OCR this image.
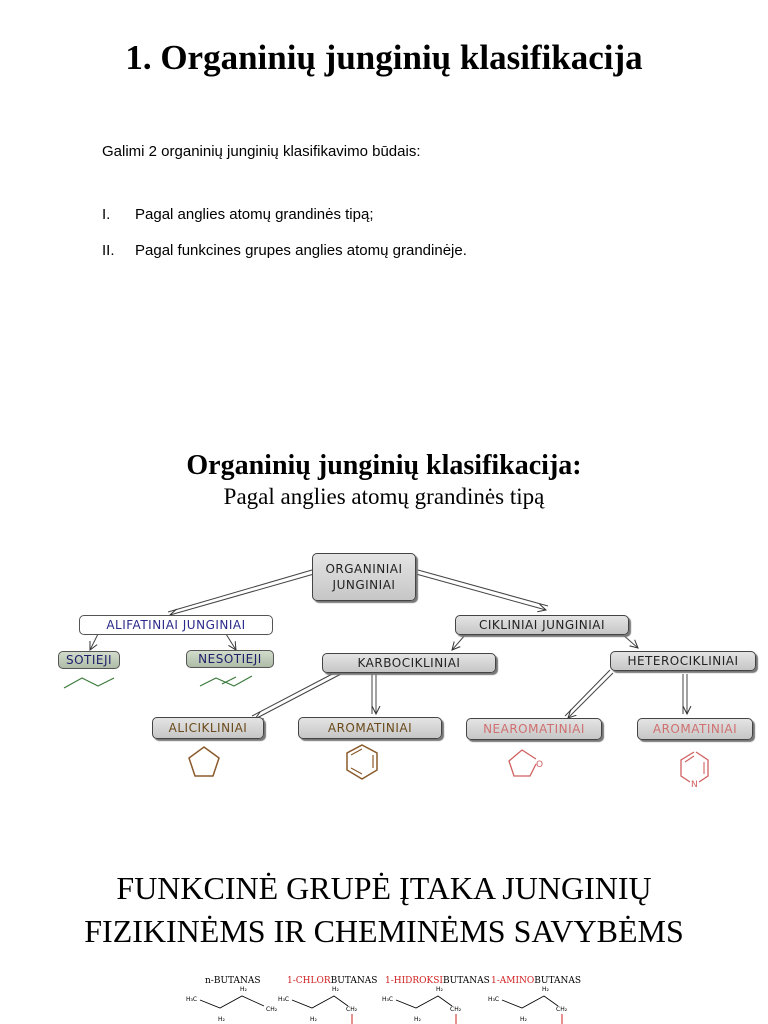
1. Organinių junginių klasifikacija
Galimi 2 organinių junginių klasifikavimo būdais:
I. Pagal anglies atomų grandinės tipą;
II. Pagal funkcines grupes anglies atomų grandinėje.
Organinių junginių klasifikacija:
Pagal anglies atomų grandinės tipą
O
N
ORGANINIAI
JUNGINIAI
ALIFATINIAI JUNGINIAI	CIKLINIAI JUNGINIAI
SOTIEJI	NESOTIEJI	KARBOCIKLINIAI	HETEROCIKLINIAI
ALICIKLINIAI	AROMATINIAI	NEAROMATINIAI	AROMATINIAI
FUNKCINĖ GRUPĖ ĮTAKA JUNGINIŲ
FIZIKINĖMS IR CHEMINĖMS SAVYBĖMS
n-BUTANAS	1-CHLORBUTANAS 1-HIDROKSIBUTANAS 1-AMINOBUTANAS
H₃C
H₂
CH₂
H₂
H₃C
H₂
CH₂
H₂
H₃C
H₂
CH₂
H₂
H₃C
H₂
CH₂
H₂
